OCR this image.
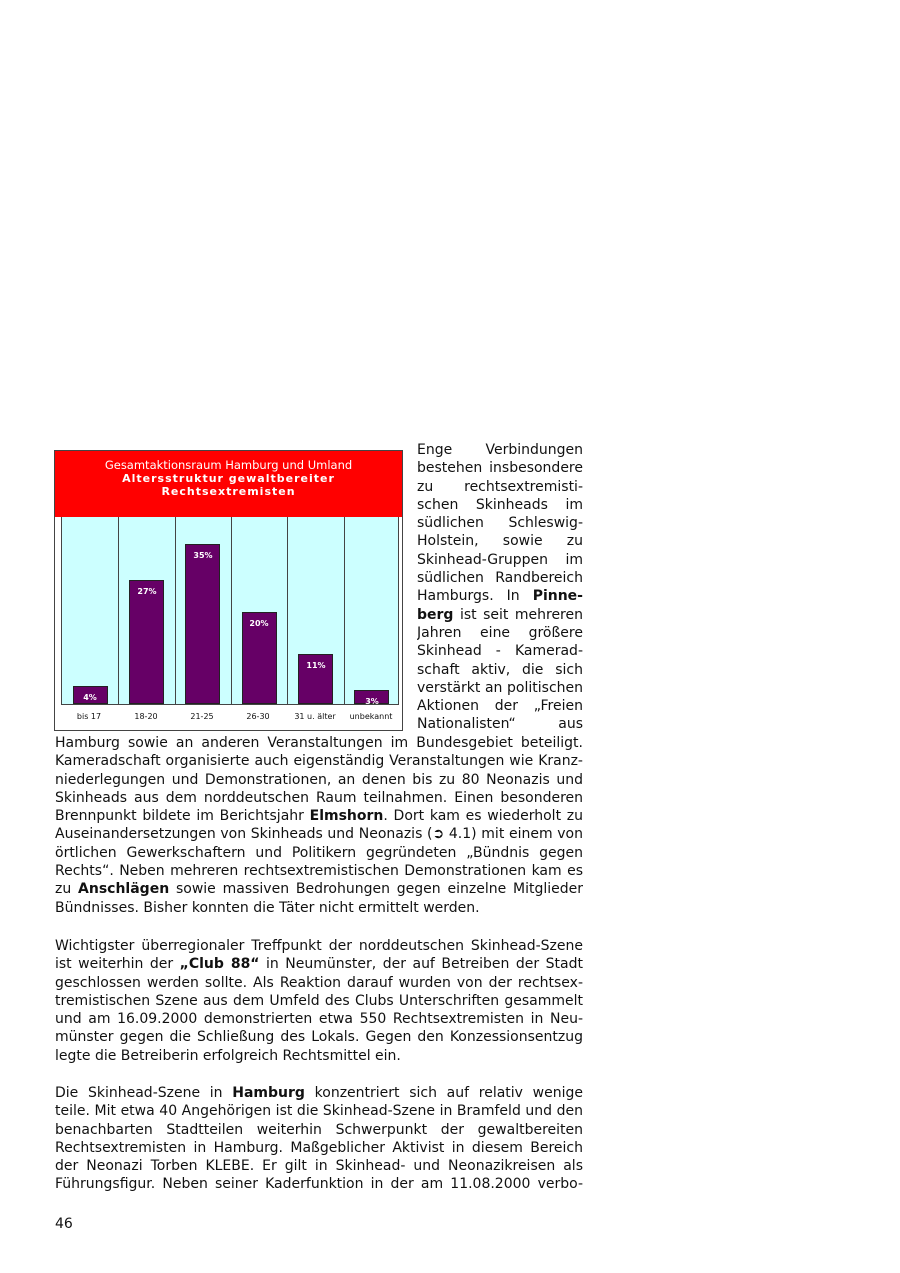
Gesamtaktionsraum Hamburg und Umland
Altersstruktur gewaltbereiter Rechtsextremisten
4%
27%
35%
20%
11%
3%
bis 17	18-20	21-25	26-30	31 u. älter	unbekannt
Enge Verbindungen
bestehen insbesondere
zu rechtsextremisti-
schen Skinheads im
südlichen Schleswig-
Holstein, sowie zu
Skinhead-Gruppen im
südlichen Randbereich
Hamburgs. In Pinne-
berg ist seit mehreren
Jahren eine größere
Skinhead - Kamerad-
schaft aktiv, die sich
verstärkt an politischen
Aktionen der „Freien
Nationalisten“ aus
Hamburg sowie an anderen Veranstaltungen im Bundesgebiet beteiligt.
Kameradschaft organisierte auch eigenständig Veranstaltungen wie Kranz-
niederlegungen und Demonstrationen, an denen bis zu 80 Neonazis und
Skinheads aus dem norddeutschen Raum teilnahmen. Einen besonderen
Brennpunkt bildete im Berichtsjahr Elmshorn. Dort kam es wiederholt zu
Auseinandersetzungen von Skinheads und Neonazis (➲ 4.1) mit einem von
örtlichen Gewerkschaftern und Politikern gegründeten „Bündnis gegen
Rechts“. Neben mehreren rechtsextremistischen Demonstrationen kam es
zu Anschlägen sowie massiven Bedrohungen gegen einzelne Mitglieder
Bündnisses. Bisher konnten die Täter nicht ermittelt werden.
Wichtigster überregionaler Treffpunkt der norddeutschen Skinhead-Szene
ist weiterhin der „Club 88“ in Neumünster, der auf Betreiben der Stadt
geschlossen werden sollte. Als Reaktion darauf wurden von der rechtsex-
tremistischen Szene aus dem Umfeld des Clubs Unterschriften gesammelt
und am 16.09.2000 demonstrierten etwa 550 Rechtsextremisten in Neu-
münster gegen die Schließung des Lokals. Gegen den Konzessionsentzug
legte die Betreiberin erfolgreich Rechtsmittel ein.
Die Skinhead-Szene in Hamburg konzentriert sich auf relativ wenige
teile. Mit etwa 40 Angehörigen ist die Skinhead-Szene in Bramfeld und den
benachbarten Stadtteilen weiterhin Schwerpunkt der gewaltbereiten
Rechtsextremisten in Hamburg. Maßgeblicher Aktivist in diesem Bereich
der Neonazi Torben KLEBE. Er gilt in Skinhead- und Neonazikreisen als
Führungsfigur. Neben seiner Kaderfunktion in der am 11.08.2000 verbo-
46
